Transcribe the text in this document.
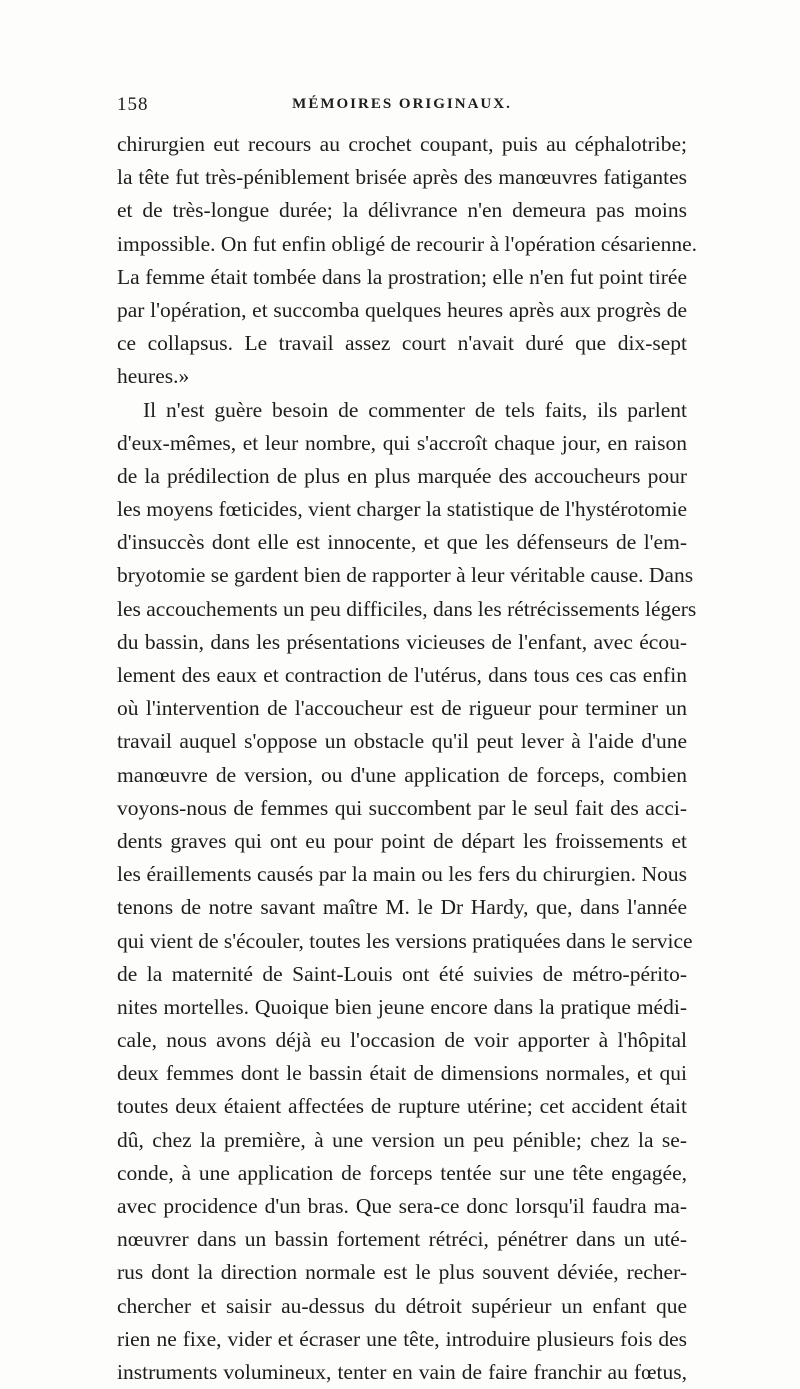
158	MÉMOIRES ORIGINAUX.
chirurgien eut recours au crochet coupant, puis au céphalotribe;
la tête fut très-péniblement brisée après des manœuvres fatigantes
et de très-longue durée; la délivrance n'en demeura pas moins
impossible. On fut enfin obligé de recourir à l'opération césarienne.
La femme était tombée dans la prostration; elle n'en fut point tirée
par l'opération, et succomba quelques heures après aux progrès de
ce collapsus. Le travail assez court n'avait duré que dix-sept
heures.»
Il n'est guère besoin de commenter de tels faits, ils parlent
d'eux-mêmes, et leur nombre, qui s'accroît chaque jour, en raison
de la prédilection de plus en plus marquée des accoucheurs pour
les moyens fœticides, vient charger la statistique de l'hystérotomie
d'insuccès dont elle est innocente, et que les défenseurs de l'em-
bryotomie se gardent bien de rapporter à leur véritable cause. Dans
les accouchements un peu difficiles, dans les rétrécissements légers
du bassin, dans les présentations vicieuses de l'enfant, avec écou-
lement des eaux et contraction de l'utérus, dans tous ces cas enfin
où l'intervention de l'accoucheur est de rigueur pour terminer un
travail auquel s'oppose un obstacle qu'il peut lever à l'aide d'une
manœuvre de version, ou d'une application de forceps, combien
voyons-nous de femmes qui succombent par le seul fait des acci-
dents graves qui ont eu pour point de départ les froissements et
les éraillements causés par la main ou les fers du chirurgien. Nous
tenons de notre savant maître M. le Dr Hardy, que, dans l'année
qui vient de s'écouler, toutes les versions pratiquées dans le service
de la maternité de Saint-Louis ont été suivies de métro-périto-
nites mortelles. Quoique bien jeune encore dans la pratique médi-
cale, nous avons déjà eu l'occasion de voir apporter à l'hôpital
deux femmes dont le bassin était de dimensions normales, et qui
toutes deux étaient affectées de rupture utérine; cet accident était
dû, chez la première, à une version un peu pénible; chez la se-
conde, à une application de forceps tentée sur une tête engagée,
avec procidence d'un bras. Que sera-ce donc lorsqu'il faudra ma-
nœuvrer dans un bassin fortement rétréci, pénétrer dans un uté-
rus dont la direction normale est le plus souvent déviée, recher-
chercher et saisir au-dessus du détroit supérieur un enfant que
rien ne fixe, vider et écraser une tête, introduire plusieurs fois des
instruments volumineux, tenter en vain de faire franchir au fœtus,
